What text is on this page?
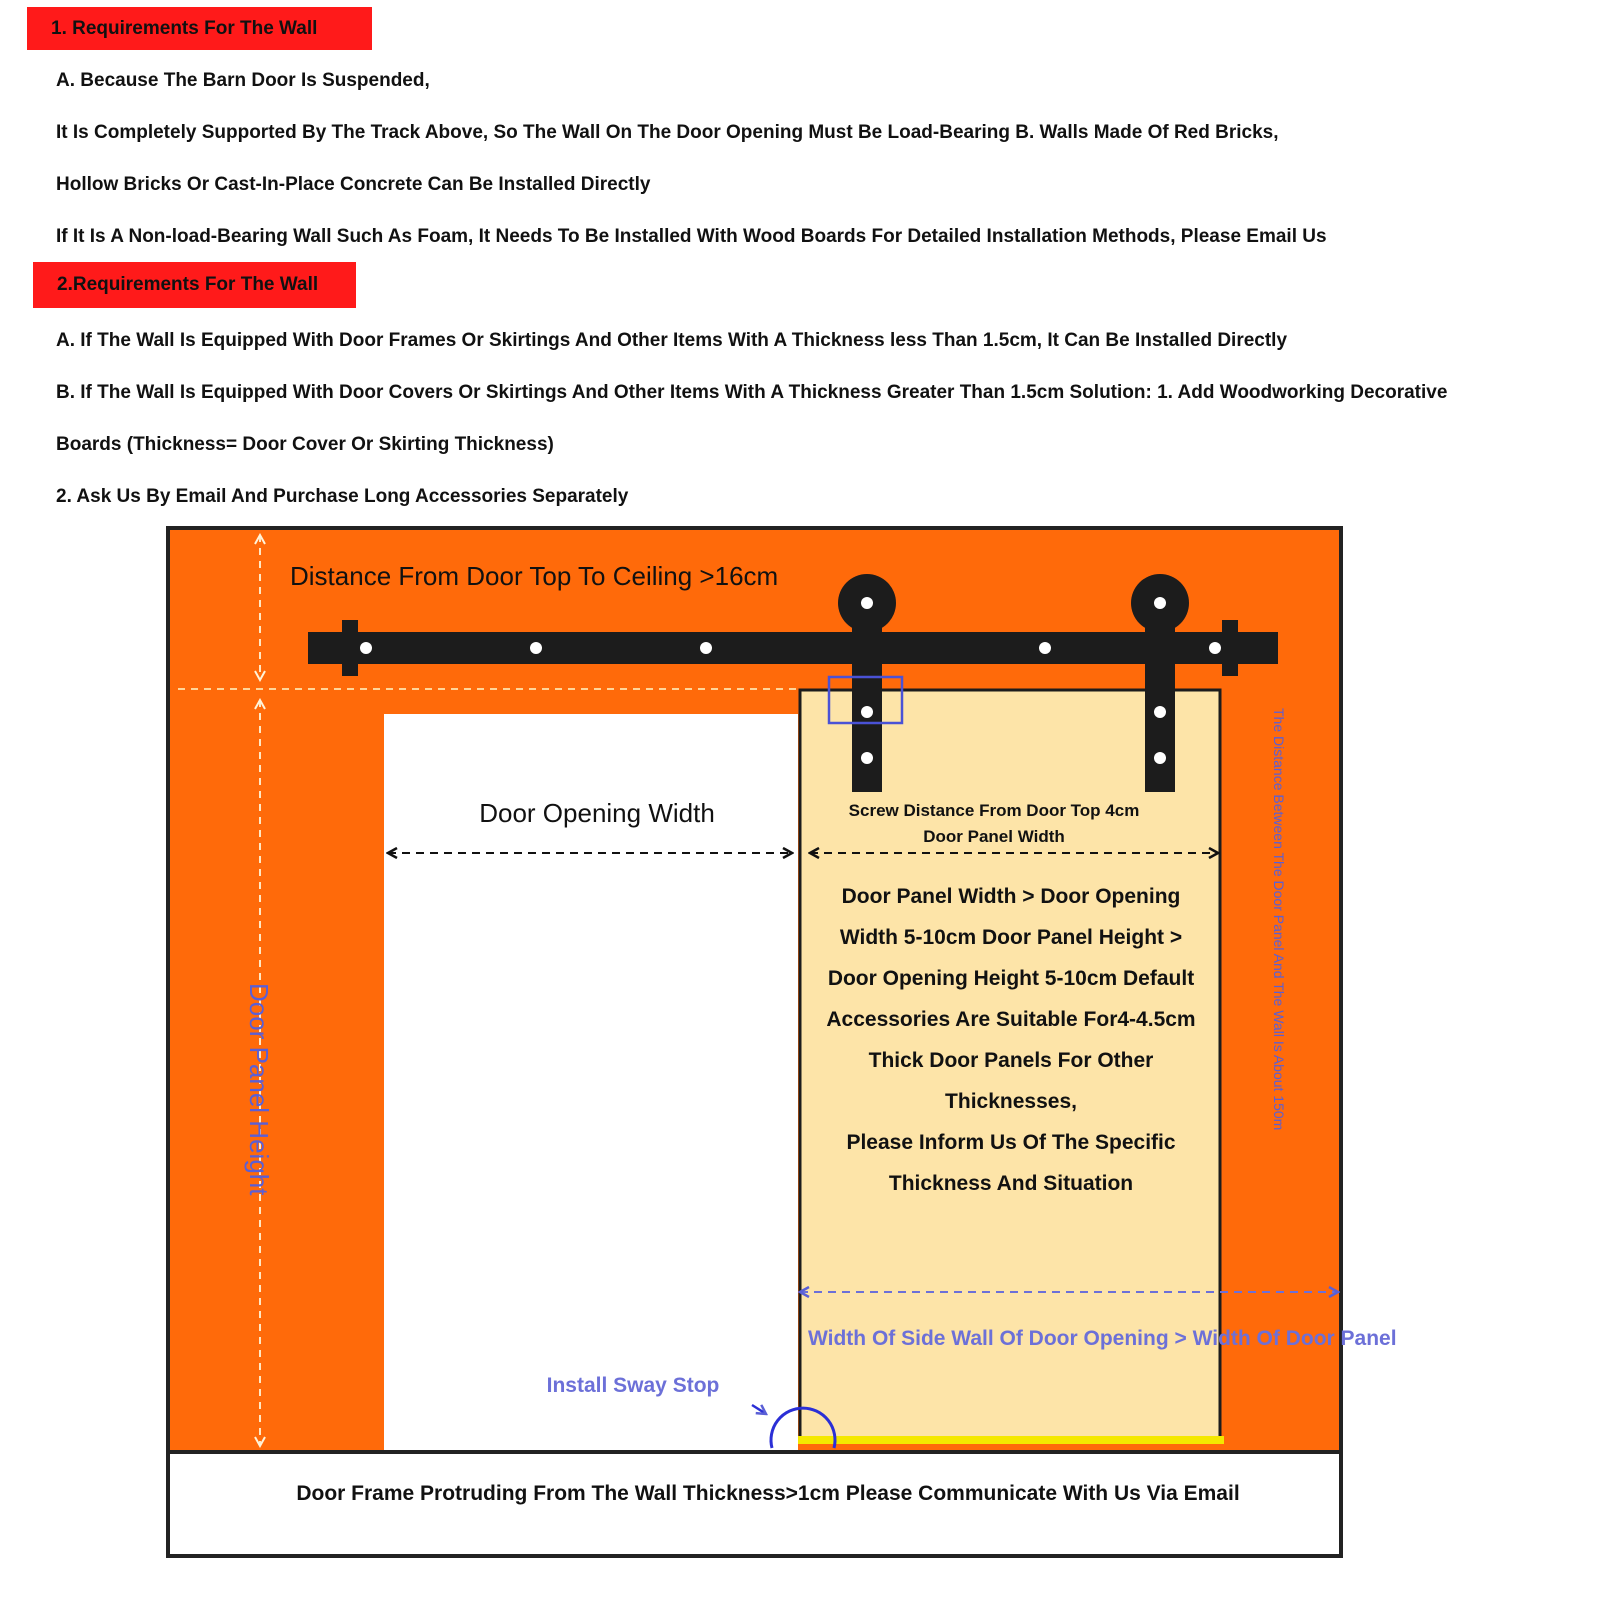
1. Requirements For The Wall
A. Because The Barn Door Is Suspended,
It Is Completely Supported By The Track Above, So The Wall On The Door Opening Must Be Load-Bearing B. Walls Made Of Red Bricks,
Hollow Bricks Or Cast-In-Place Concrete Can Be Installed Directly
If It Is A Non-load-Bearing Wall Such As Foam, It Needs To Be Installed With Wood Boards For Detailed Installation Methods, Please Email Us
2.Requirements For The Wall
A. If The Wall Is Equipped With Door Frames Or Skirtings And Other Items With A Thickness less Than 1.5cm, It Can Be Installed Directly
B. If The Wall Is Equipped With Door Covers Or Skirtings And Other Items With A Thickness Greater Than 1.5cm Solution: 1. Add Woodworking Decorative
Boards (Thickness= Door Cover Or Skirting Thickness)
2. Ask Us By Email And Purchase Long Accessories Separately
Distance From Door Top To Ceiling >16cm
Door Opening Width	Screw Distance From Door Top 4cm
Door Panel Width
Door Panel Width > Door Opening
Width 5-10cm Door Panel Height >
Door Opening Height 5-10cm Default
Accessories Are Suitable For4-4.5cm
Thick Door Panels For Other
Thicknesses,
Please Inform Us Of The Specific
Thickness And Situation
Door Panel Height	The Distance Between The Door Panel And The Wall Is About 150m
Width Of Side Wall Of Door Opening > Width Of Door Panel
Install Sway Stop
Door Frame Protruding From The Wall Thickness>1cm Please Communicate With Us Via Email
